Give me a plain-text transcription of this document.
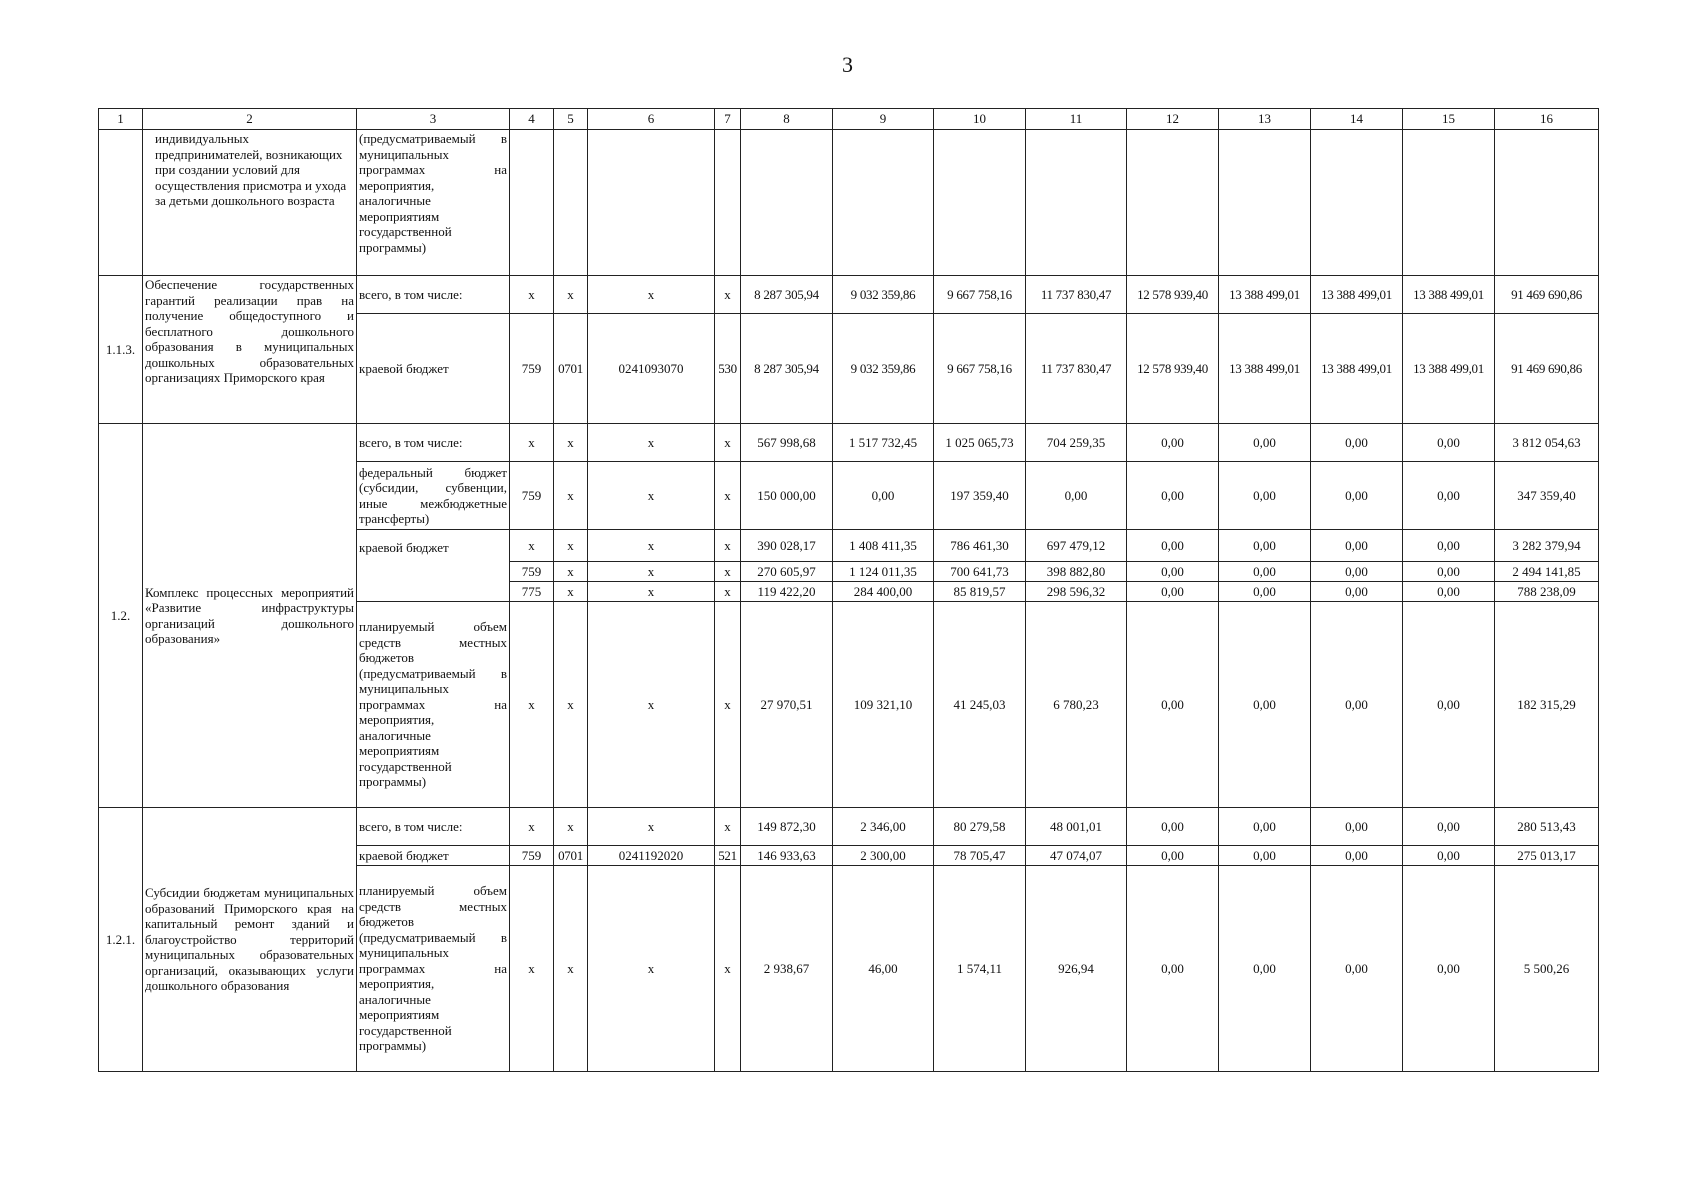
3
1	2	3	4	5	6	7	8	9	10	11	12	13	14	15	16
	индивидуальных предпринимателей, возникающих при создании условий для осуществления присмотра и ухода за детьми дошкольного возраста	(предусматриваемый в муниципальных программах на мероприятия, аналогичные мероприятиям государственной программы)													
1.1.3.	Обеспечение государственных гарантий реализации прав на получение общедоступного и бесплатного дошкольного образования в муниципальных дошкольных образовательных организациях Приморского края	всего, в том числе:	x	x	x	x	8 287 305,94	9 032 359,86	9 667 758,16	11 737 830,47	12 578 939,40	13 388 499,01	13 388 499,01	13 388 499,01	91 469 690,86
		краевой бюджет	759	0701	0241093070	530	8 287 305,94	9 032 359,86	9 667 758,16	11 737 830,47	12 578 939,40	13 388 499,01	13 388 499,01	13 388 499,01	91 469 690,86
1.2.	Комплекс процессных мероприятий «Развитие инфраструктуры организаций дошкольного образования»	всего, в том числе:	x	x	x	x	567 998,68	1 517 732,45	1 025 065,73	704 259,35	0,00	0,00	0,00	0,00	3 812 054,63
		федеральный бюджет (субсидии, субвенции, иные межбюджетные трансферты)	759	x	x	x	150 000,00	0,00	197 359,40	0,00	0,00	0,00	0,00	0,00	347 359,40
		краевой бюджет	x	x	x	x	390 028,17	1 408 411,35	786 461,30	697 479,12	0,00	0,00	0,00	0,00	3 282 379,94
			759	x	x	x	270 605,97	1 124 011,35	700 641,73	398 882,80	0,00	0,00	0,00	0,00	2 494 141,85
			775	x	x	x	119 422,20	284 400,00	85 819,57	298 596,32	0,00	0,00	0,00	0,00	788 238,09
		планируемый объем средств местных бюджетов (предусматриваемый в муниципальных программах на мероприятия, аналогичные мероприятиям государственной программы)	x	x	x	x	27 970,51	109 321,10	41 245,03	6 780,23	0,00	0,00	0,00	0,00	182 315,29
1.2.1.	Субсидии бюджетам муниципальных образований Приморского края на капитальный ремонт зданий и благоустройство территорий муниципальных образовательных организаций, оказывающих услуги дошкольного образования	всего, в том числе:	x	x	x	x	149 872,30	2 346,00	80 279,58	48 001,01	0,00	0,00	0,00	0,00	280 513,43
		краевой бюджет	759	0701	0241192020	521	146 933,63	2 300,00	78 705,47	47 074,07	0,00	0,00	0,00	0,00	275 013,17
		планируемый объем средств местных бюджетов (предусматриваемый в муниципальных программах на мероприятия, аналогичные мероприятиям государственной программы)	x	x	x	x	2 938,67	46,00	1 574,11	926,94	0,00	0,00	0,00	0,00	5 500,26
